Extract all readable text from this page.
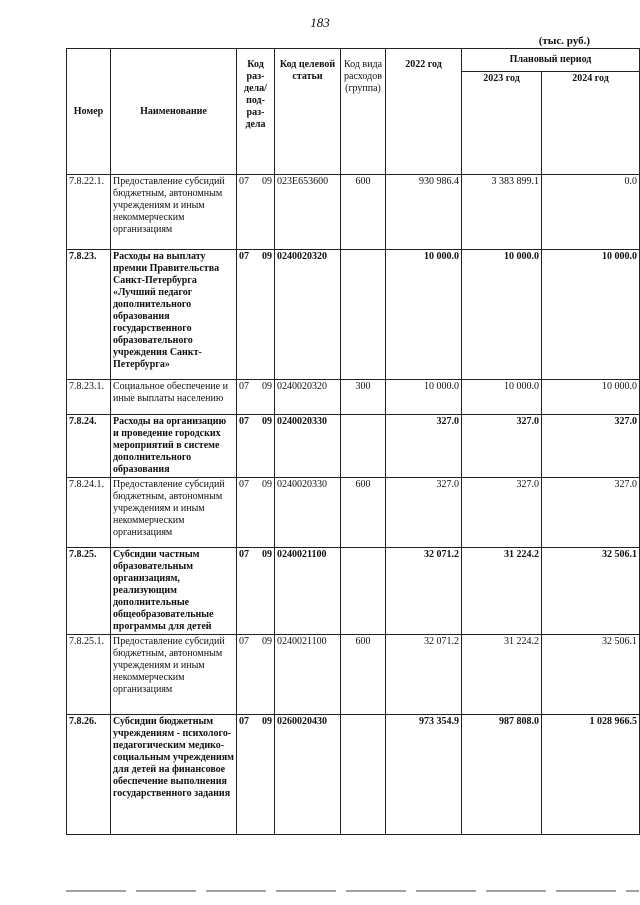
183
(тыс. руб.)
Номер	Наименование	Код раз-дела/ под-раз-дела	Код целевой статьи	Код вида расходов (группа)	2022 год	Плановый период	
						2023 год	2024 год
7.8.22.1.	Предоставление субсидий бюджетным, автономным учреждениям и иным некоммерческим организациям	07 09	023Е653600	600	930 986.4	3 383 899.1	0.0
7.8.23.	Расходы на выплату премии Правительства Санкт-Петербурга «Лучший педагог дополнительного образования государственного образовательного учреждения Санкт-Петербурга»	07 09	0240020320		10 000.0	10 000.0	10 000.0
7.8.23.1.	Социальное обеспечение и иные выплаты населению	07 09	0240020320	300	10 000.0	10 000.0	10 000.0
7.8.24.	Расходы на организацию и проведение городских мероприятий в системе дополнительного образования	07 09	0240020330		327.0	327.0	327.0
7.8.24.1.	Предоставление субсидий бюджетным, автономным учреждениям и иным некоммерческим организациям	07 09	0240020330	600	327.0	327.0	327.0
7.8.25.	Субсидии частным образовательным организациям, реализующим дополнительные общеобразовательные программы для детей	07 09	0240021100		32 071.2	31 224.2	32 506.1
7.8.25.1.	Предоставление субсидий бюджетным, автономным учреждениям и иным некоммерческим организациям	07 09	0240021100	600	32 071.2	31 224.2	32 506.1
7.8.26.	Субсидии бюджетным учреждениям - психолого-педагогическим медико-социальным учреждениям для детей на финансовое обеспечение выполнения государственного задания	07 09	0260020430		973 354.9	987 808.0	1 028 966.5
